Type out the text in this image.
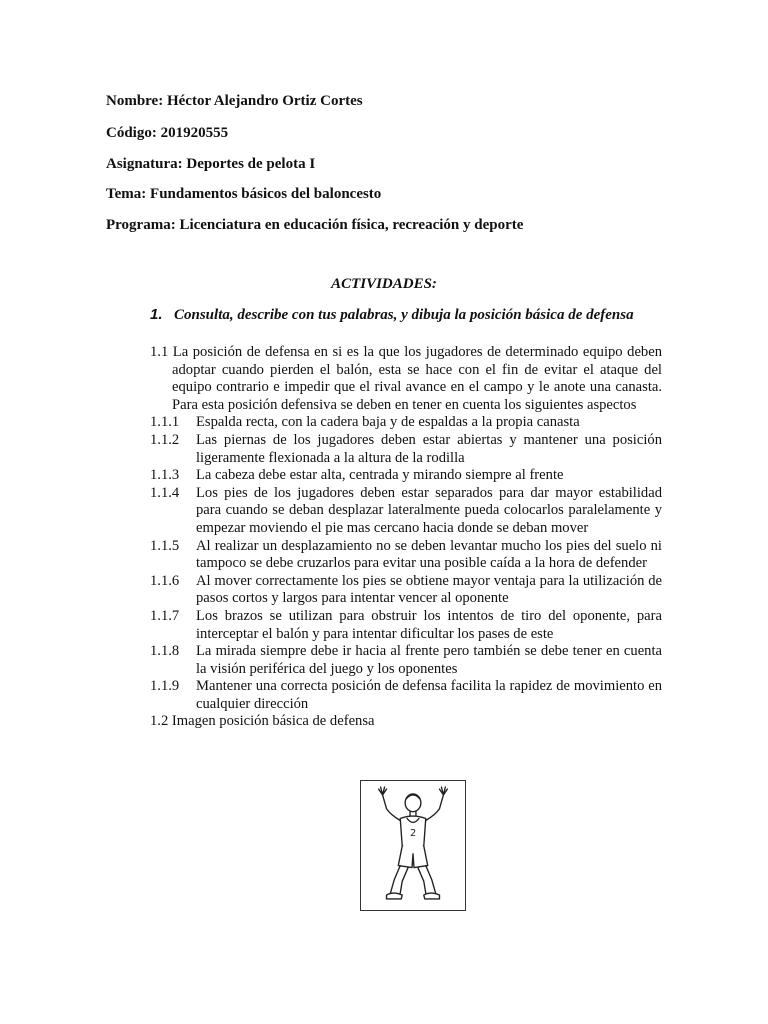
Nombre: Héctor Alejandro Ortiz Cortes
Código: 201920555
Asignatura: Deportes de pelota I
Tema: Fundamentos básicos del baloncesto
Programa: Licenciatura en educación física, recreación y deporte
ACTIVIDADES:
1. Consulta, describe con tus palabras, y dibuja la posición básica de defensa
1.1 La posición de defensa en si es la que los jugadores de determinado equipo deben adoptar cuando pierden el balón, esta se hace con el fin de evitar el ataque del equipo contrario e impedir que el rival avance en el campo y le anote una canasta. Para esta posición defensiva se deben en tener en cuenta los siguientes aspectos
1.1.1	Espalda recta, con la cadera baja y de espaldas a la propia canasta
1.1.2	Las piernas de los jugadores deben estar abiertas y mantener una posición ligeramente flexionada a la altura de la rodilla
1.1.3	La cabeza debe estar alta, centrada y mirando siempre al frente
1.1.4	Los pies de los jugadores deben estar separados para dar mayor estabilidad para cuando se deban desplazar lateralmente pueda colocarlos paralelamente y empezar moviendo el pie mas cercano hacia donde se deban mover
1.1.5	Al realizar un desplazamiento no se deben levantar mucho los pies del suelo ni tampoco se debe cruzarlos para evitar una posible caída a la hora de defender
1.1.6	Al mover correctamente los pies se obtiene mayor ventaja para la utilización de pasos cortos y largos para intentar vencer al oponente
1.1.7	Los brazos se utilizan para obstruir los intentos de tiro del oponente, para interceptar el balón y para intentar dificultar los pases de este
1.1.8	La mirada siempre debe ir hacia al frente pero también se debe tener en cuenta la visión periférica del juego y los oponentes
1.1.9	Mantener una correcta posición de defensa facilita la rapidez de movimiento en cualquier dirección
1.2 Imagen posición básica de defensa
2
